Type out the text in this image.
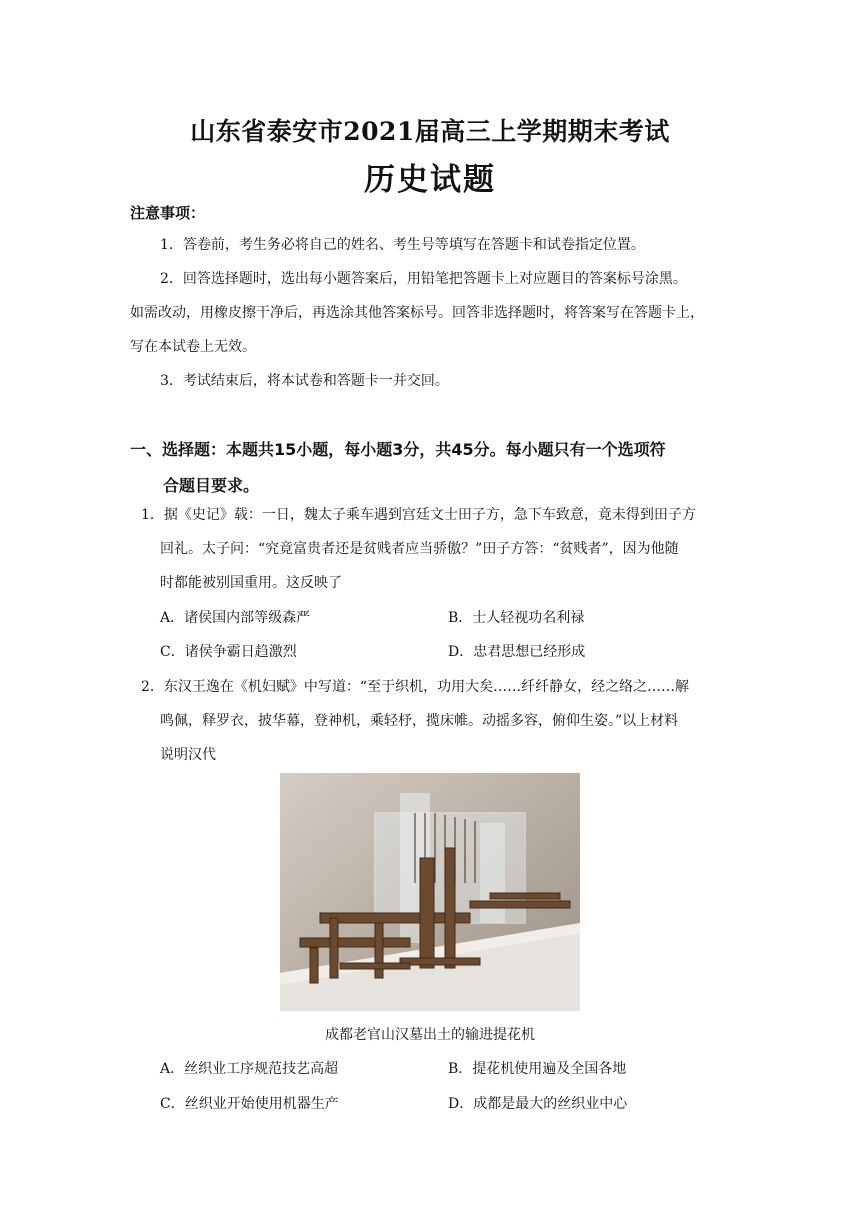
山东省泰安市2021届高三上学期期末考试
历史试题
注意事项：
1．答卷前，考生务必将自己的姓名、考生号等填写在答题卡和试卷指定位置。
2．回答选择题时，选出每小题答案后，用铅笔把答题卡上对应题目的答案标号涂黑。
如需改动，用橡皮擦干净后，再选涂其他答案标号。回答非选择题时，将答案写在答题卡上，
写在本试卷上无效。
3．考试结束后，将本试卷和答题卡一并交回。
一、选择题：本题共15小题，每小题3分，共45分。每小题只有一个选项符
合题目要求。
1．据《史记》载：一日，魏太子乘车遇到宫廷文士田子方，急下车致意，竟未得到田子方
回礼。太子问：“究竟富贵者还是贫贱者应当骄傲？”田子方答：“贫贱者”，因为他随
时都能被别国重用。这反映了
A．诸侯国内部等级森严	B．士人轻视功名利禄
C．诸侯争霸日趋激烈	D．忠君思想已经形成
2．东汉王逸在《机妇赋》中写道：“至于织机，功用大矣……纤纤静女，经之络之……解
鸣佩，释罗衣，披华幕，登神机，乘轻杼，揽床帷。动摇多容，俯仰生姿。”以上材料
说明汉代
成都老官山汉墓出土的输进提花机
A．丝织业工序规范技艺高超	B．提花机使用遍及全国各地
C．丝织业开始使用机器生产	D．成都是最大的丝织业中心
